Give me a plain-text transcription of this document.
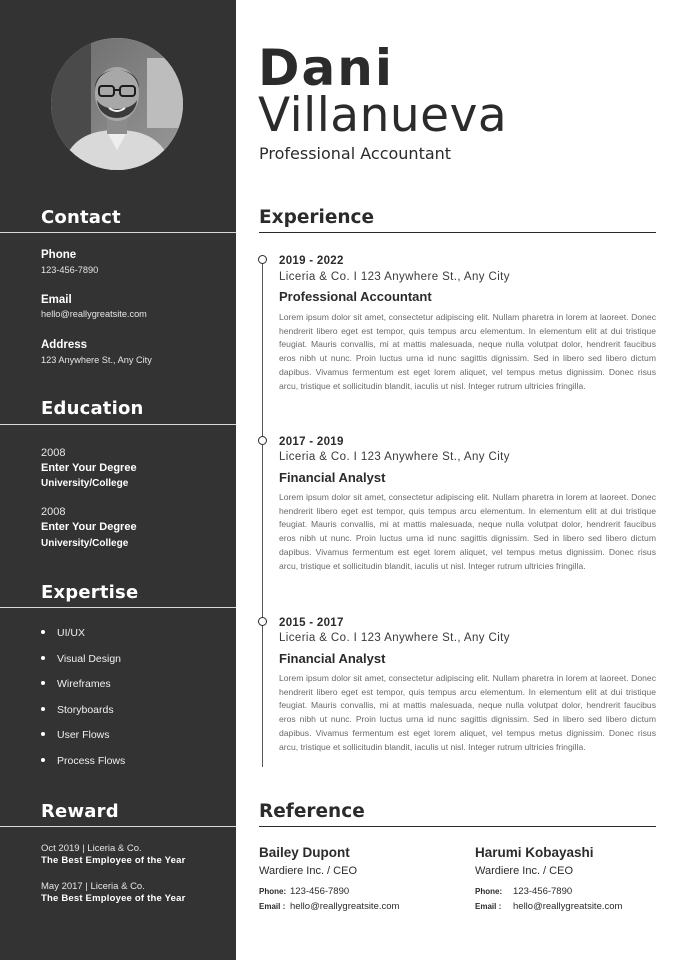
Contact
Phone
123-456-7890
Email
hello@reallygreatsite.com
Address
123 Anywhere St., Any City
Education
2008
Enter Your Degree
University/College
2008
Enter Your Degree
University/College
Expertise
UI/UX
Visual Design
Wireframes
Storyboards
User Flows
Process Flows
Reward
Oct 2019 | Liceria & Co.
The Best Employee of the Year
May 2017 | Liceria & Co.
The Best Employee of the Year
Dani
Villanueva
Professional Accountant
Experience
2019 - 2022
Liceria & Co. I 123 Anywhere St., Any City
Professional Accountant
Lorem ipsum dolor sit amet, consectetur adipiscing elit. Nullam pharetra in lorem at laoreet. Donec hendrerit libero eget est tempor, quis tempus arcu elementum. In elementum elit at dui tristique feugiat. Mauris convallis, mi at mattis malesuada, neque nulla volutpat dolor, hendrerit faucibus eros nibh ut nunc. Proin luctus urna id nunc sagittis dignissim. Sed in libero sed libero dictum dapibus. Vivamus fermentum est eget lorem aliquet, vel tempus metus dignissim. Donec risus arcu, tristique et sollicitudin blandit, iaculis ut nisl. Integer rutrum ultricies fringilla.
2017 - 2019
Liceria & Co. I 123 Anywhere St., Any City
Financial Analyst
Lorem ipsum dolor sit amet, consectetur adipiscing elit. Nullam pharetra in lorem at laoreet. Donec hendrerit libero eget est tempor, quis tempus arcu elementum. In elementum elit at dui tristique feugiat. Mauris convallis, mi at mattis malesuada, neque nulla volutpat dolor, hendrerit faucibus eros nibh ut nunc. Proin luctus urna id nunc sagittis dignissim. Sed in libero sed libero dictum dapibus. Vivamus fermentum est eget lorem aliquet, vel tempus metus dignissim. Donec risus arcu, tristique et sollicitudin blandit, iaculis ut nisl. Integer rutrum ultricies fringilla.
2015 - 2017
Liceria & Co. I 123 Anywhere St., Any City
Financial Analyst
Lorem ipsum dolor sit amet, consectetur adipiscing elit. Nullam pharetra in lorem at laoreet. Donec hendrerit libero eget est tempor, quis tempus arcu elementum. In elementum elit at dui tristique feugiat. Mauris convallis, mi at mattis malesuada, neque nulla volutpat dolor, hendrerit faucibus eros nibh ut nunc. Proin luctus urna id nunc sagittis dignissim. Sed in libero sed libero dictum dapibus. Vivamus fermentum est eget lorem aliquet, vel tempus metus dignissim. Donec risus arcu, tristique et sollicitudin blandit, iaculis ut nisl. Integer rutrum ultricies fringilla.
Reference
Bailey Dupont
Wardiere Inc. / CEO
Phone: 123-456-7890
Email : hello@reallygreatsite.com
Harumi Kobayashi
Wardiere Inc. / CEO
Phone: 123-456-7890
Email : hello@reallygreatsite.com
